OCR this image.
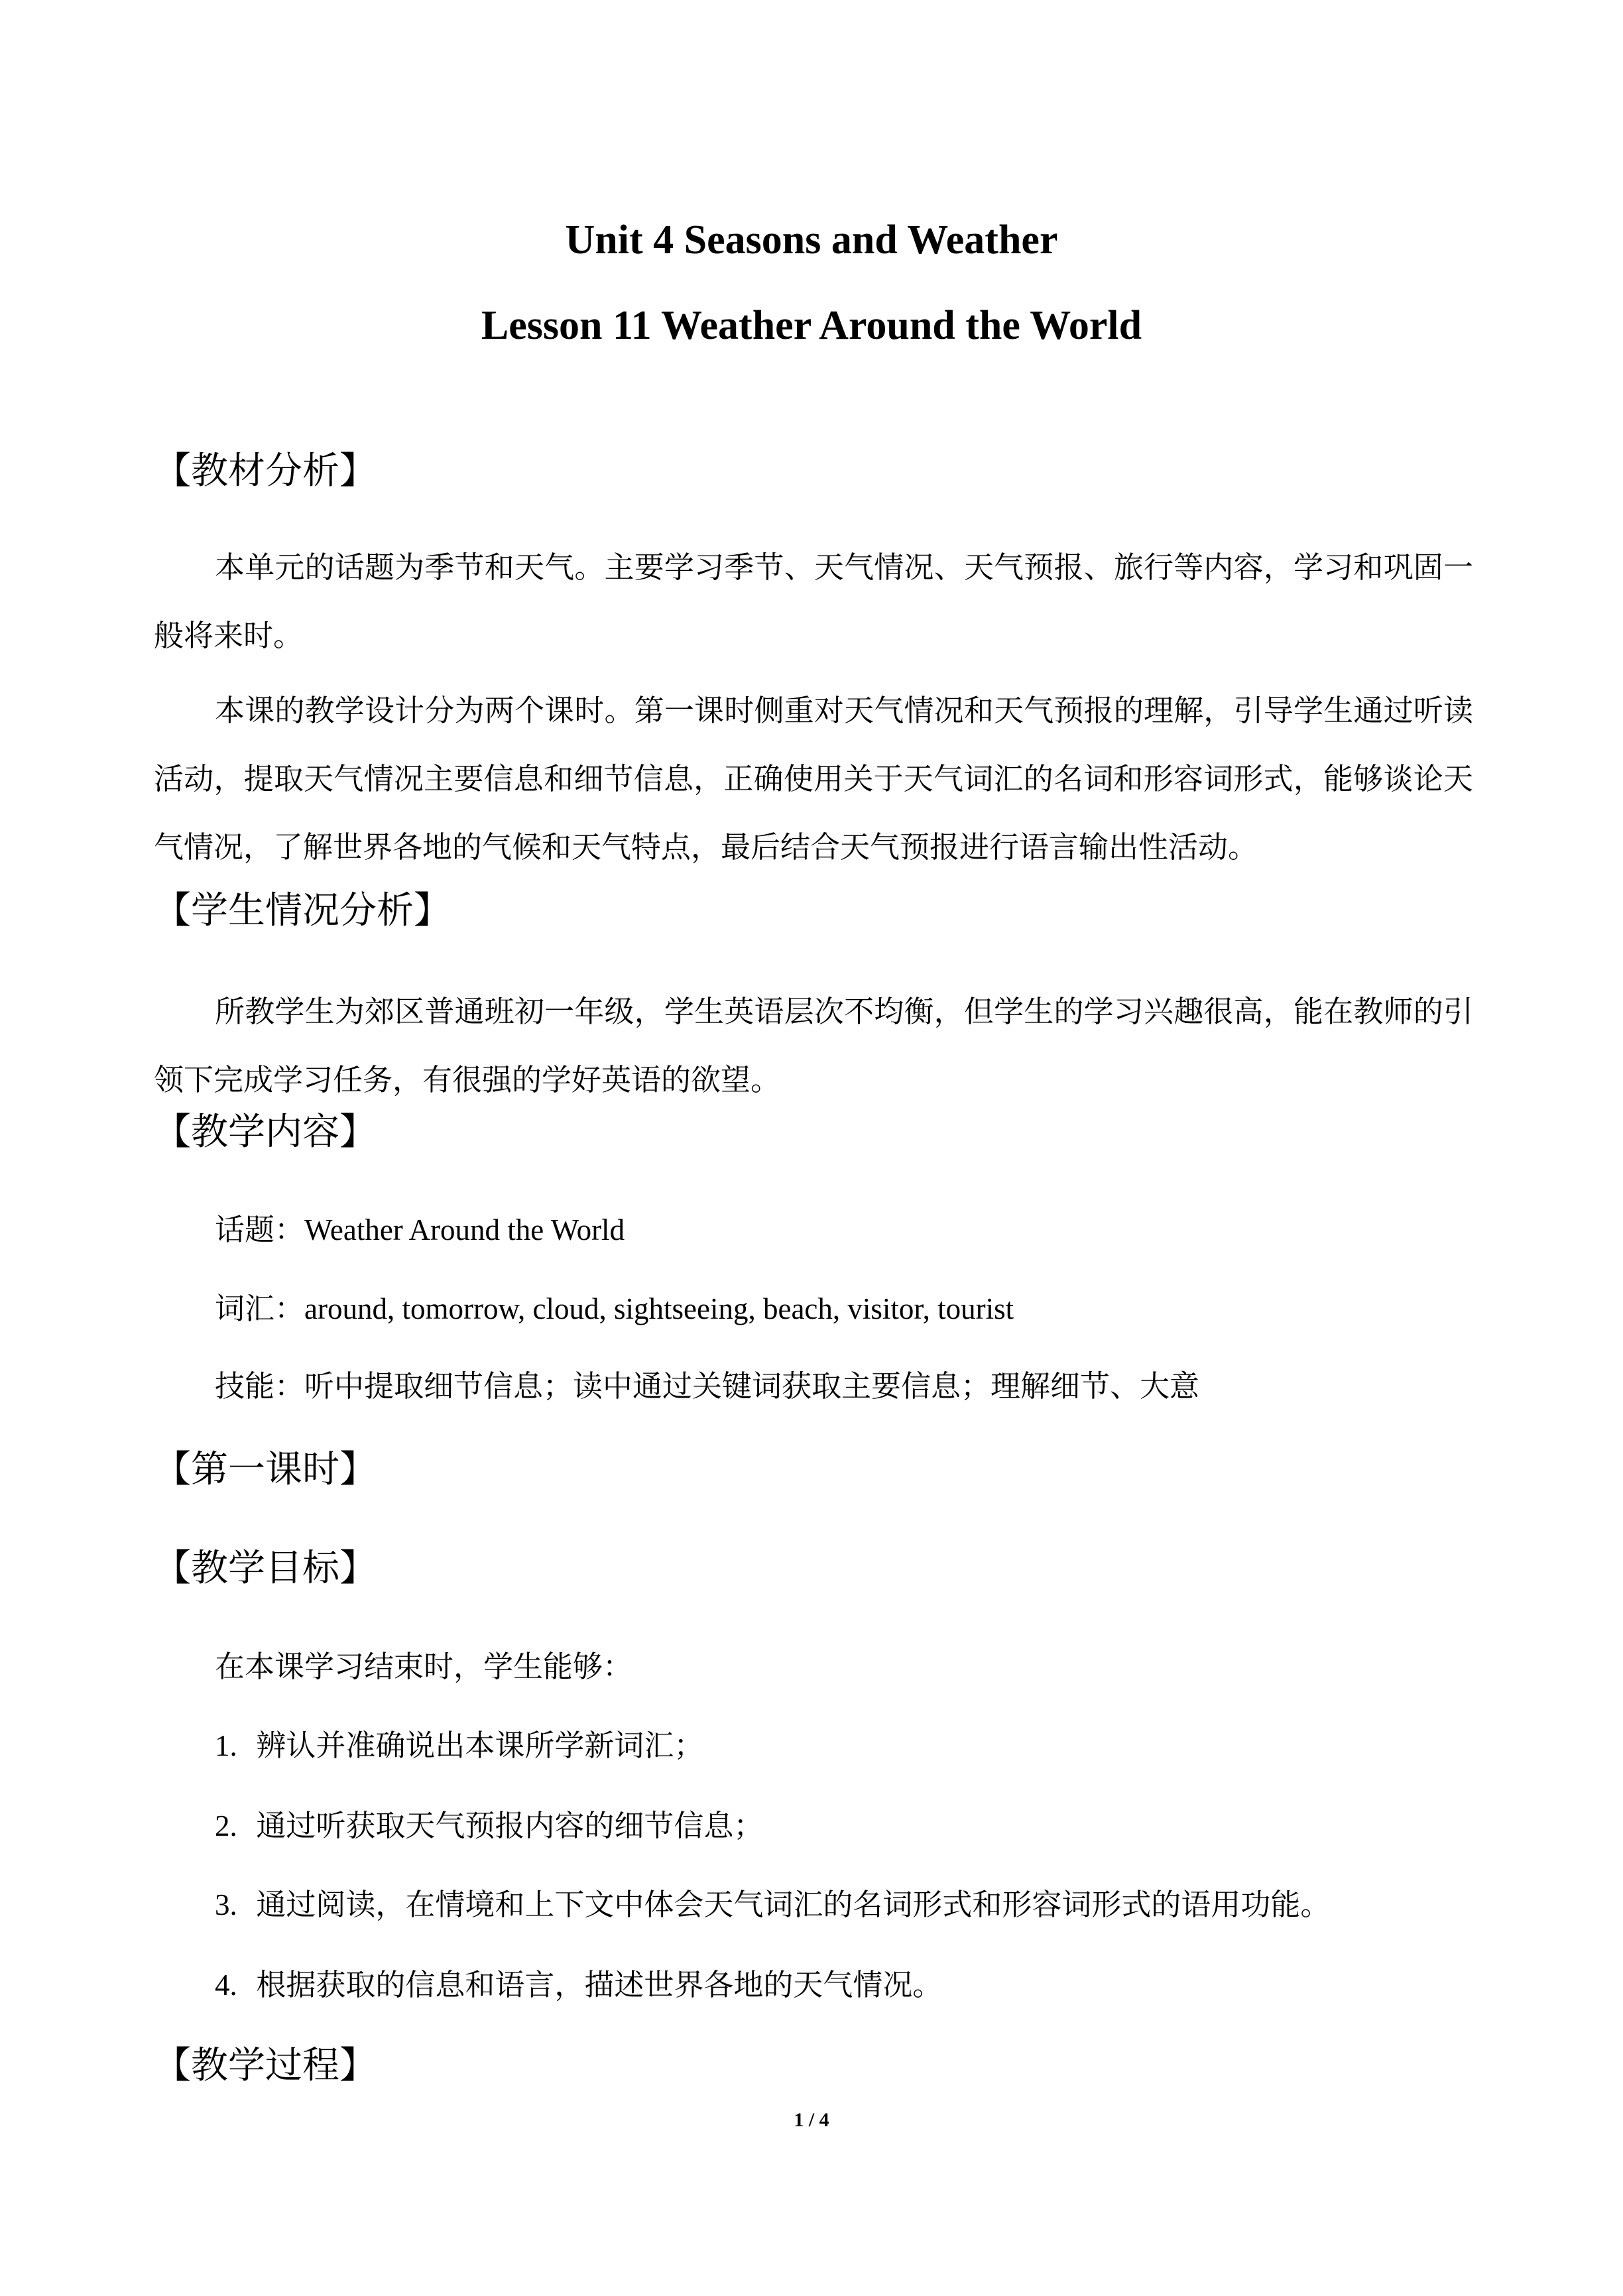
Unit 4 Seasons and Weather
Lesson 11 Weather Around the World
【教材分析】
本单元的话题为季节和天气。主要学习季节、天气情况、天气预报、旅行等内容，学习和巩固一般将来时。
本课的教学设计分为两个课时。第一课时侧重对天气情况和天气预报的理解，引导学生通过听读活动，提取天气情况主要信息和细节信息，正确使用关于天气词汇的名词和形容词形式，能够谈论天气情况，了解世界各地的气候和天气特点，最后结合天气预报进行语言输出性活动。
【学生情况分析】
所教学生为郊区普通班初一年级，学生英语层次不均衡，但学生的学习兴趣很高，能在教师的引领下完成学习任务，有很强的学好英语的欲望。
【教学内容】
话题：Weather Around the World
词汇：around, tomorrow, cloud, sightseeing, beach, visitor, tourist
技能：听中提取细节信息；读中通过关键词获取主要信息；理解细节、大意
【第一课时】
【教学目标】
在本课学习结束时，学生能够：
1. 辨认并准确说出本课所学新词汇；
2. 通过听获取天气预报内容的细节信息；
3. 通过阅读，在情境和上下文中体会天气词汇的名词形式和形容词形式的语用功能。
4. 根据获取的信息和语言，描述世界各地的天气情况。
【教学过程】
1 / 4
